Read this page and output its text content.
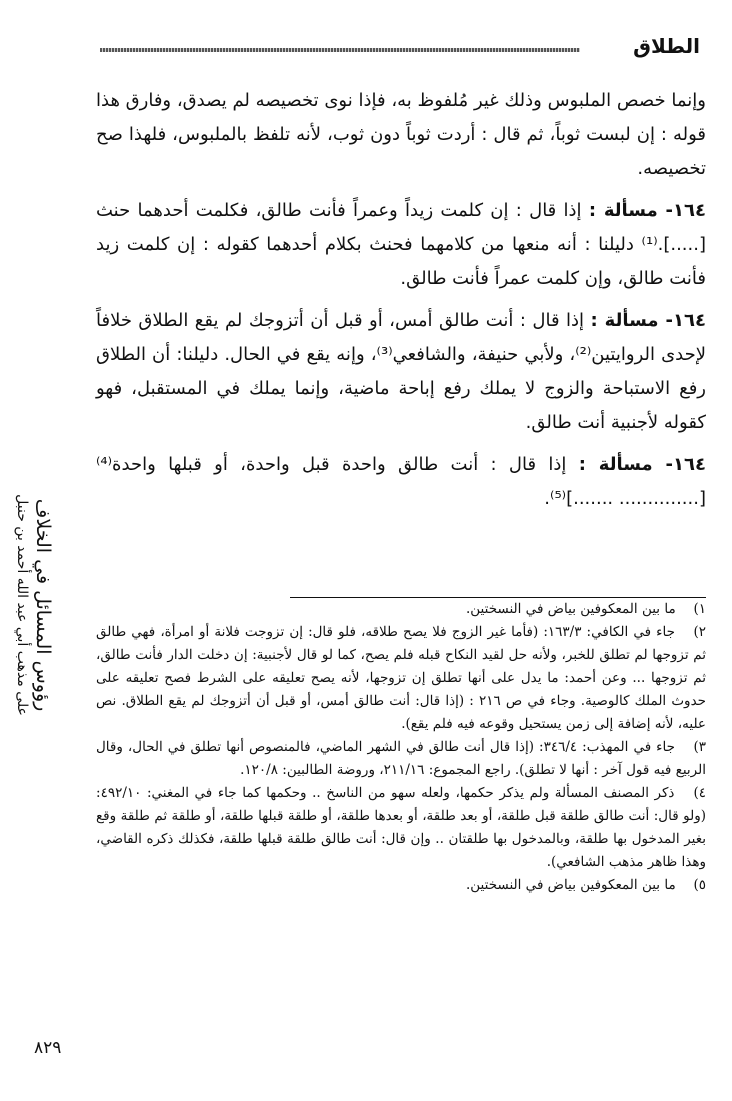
الطلاق
رؤوس المسائل في الخلاف
على مذهب أبي عبد الله أحمد بن حنبل

وإنما خصص الملبوس وذلك غير مُلفوظ به، فإذا نوى تخصيصه لم يصدق، وفارق هذا قوله : إن لبست ثوباً، ثم قال : أردت ثوباً دون ثوب، لأنه تلفظ بالملبوس، فلهذا صح تخصيصه.

١٦٤- مسألة : إذا قال : إن كلمت زيداً وعمراً فأنت طالق، فكلمت أحدهما حنث [.....].⁽¹⁾ دليلنا : أنه منعها من كلامهما فحنث بكلام أحدهما كقوله : إن كلمت زيد فأنت طالق، وإن كلمت عمراً فأنت طالق.

١٦٤- مسألة : إذا قال : أنت طالق أمس، أو قبل أن أتزوجك لم يقع الطلاق خلافاً لإحدى الروايتين⁽²⁾، ولأبي حنيفة، والشافعي⁽³⁾، وإنه يقع في الحال. دليلنا: أن الطلاق رفع الاستباحة والزوج لا يملك رفع إباحة ماضية، وإنما يملك في المستقبل، فهو كقوله لأجنبية أنت طالق.

١٦٤- مسألة : إذا قال : أنت طالق واحدة قبل واحدة، أو قبلها واحدة⁽⁴⁾ [.............. .......]⁽⁵⁾.

١) ما بين المعكوفين بياض في النسختين.

٢) جاء في الكافي: ١٦٣/٣: (فأما غير الزوج فلا يصح طلاقه، فلو قال: إن تزوجت فلانة أو امرأة، فهي طالق ثم تزوجها لم تطلق للخبر، ولأنه حل لقيد النكاح قبله فلم يصح، كما لو قال لأجنبية: إن دخلت الدار فأنت طالق، ثم تزوجها ... وعن أحمد: ما يدل على أنها تطلق إن تزوجها، لأنه يصح تعليقه على الشرط فصح تعليقه على حدوث الملك كالوصية. وجاء في ص ٢١٦ : (إذا قال: أنت طالق أمس، أو قبل أن أتزوجك لم يقع الطلاق. نص عليه، لأنه إضافة إلى زمن يستحيل وقوعه فيه فلم يقع).

٣) جاء في المهذب: ٣٤٦/٤: (إذا قال أنت طالق في الشهر الماضي، فالمنصوص أنها تطلق في الحال، وقال الربيع فيه قول آخر : أنها لا تطلق). راجع المجموع: ٢١١/١٦، وروضة الطالبين: ١٢٠/٨.

٤) ذكر المصنف المسألة ولم يذكر حكمها، ولعله سهو من الناسخ .. وحكمها كما جاء في المغني: ٤٩٢/١٠: (ولو قال: أنت طالق طلقة قبل طلقة، أو بعد طلقة، أو بعدها طلقة، أو طلقة قبلها طلقة، أو طلقة ثم طلقة وقع بغير المدخول بها طلقة، وبالمدخول بها طلقتان .. وإن قال: أنت طالق طلقة قبلها طلقة، فكذلك ذكره القاضي، وهذا ظاهر مذهب الشافعي).

٥) ما بين المعكوفين بياض في النسختين.

٨٢٩
